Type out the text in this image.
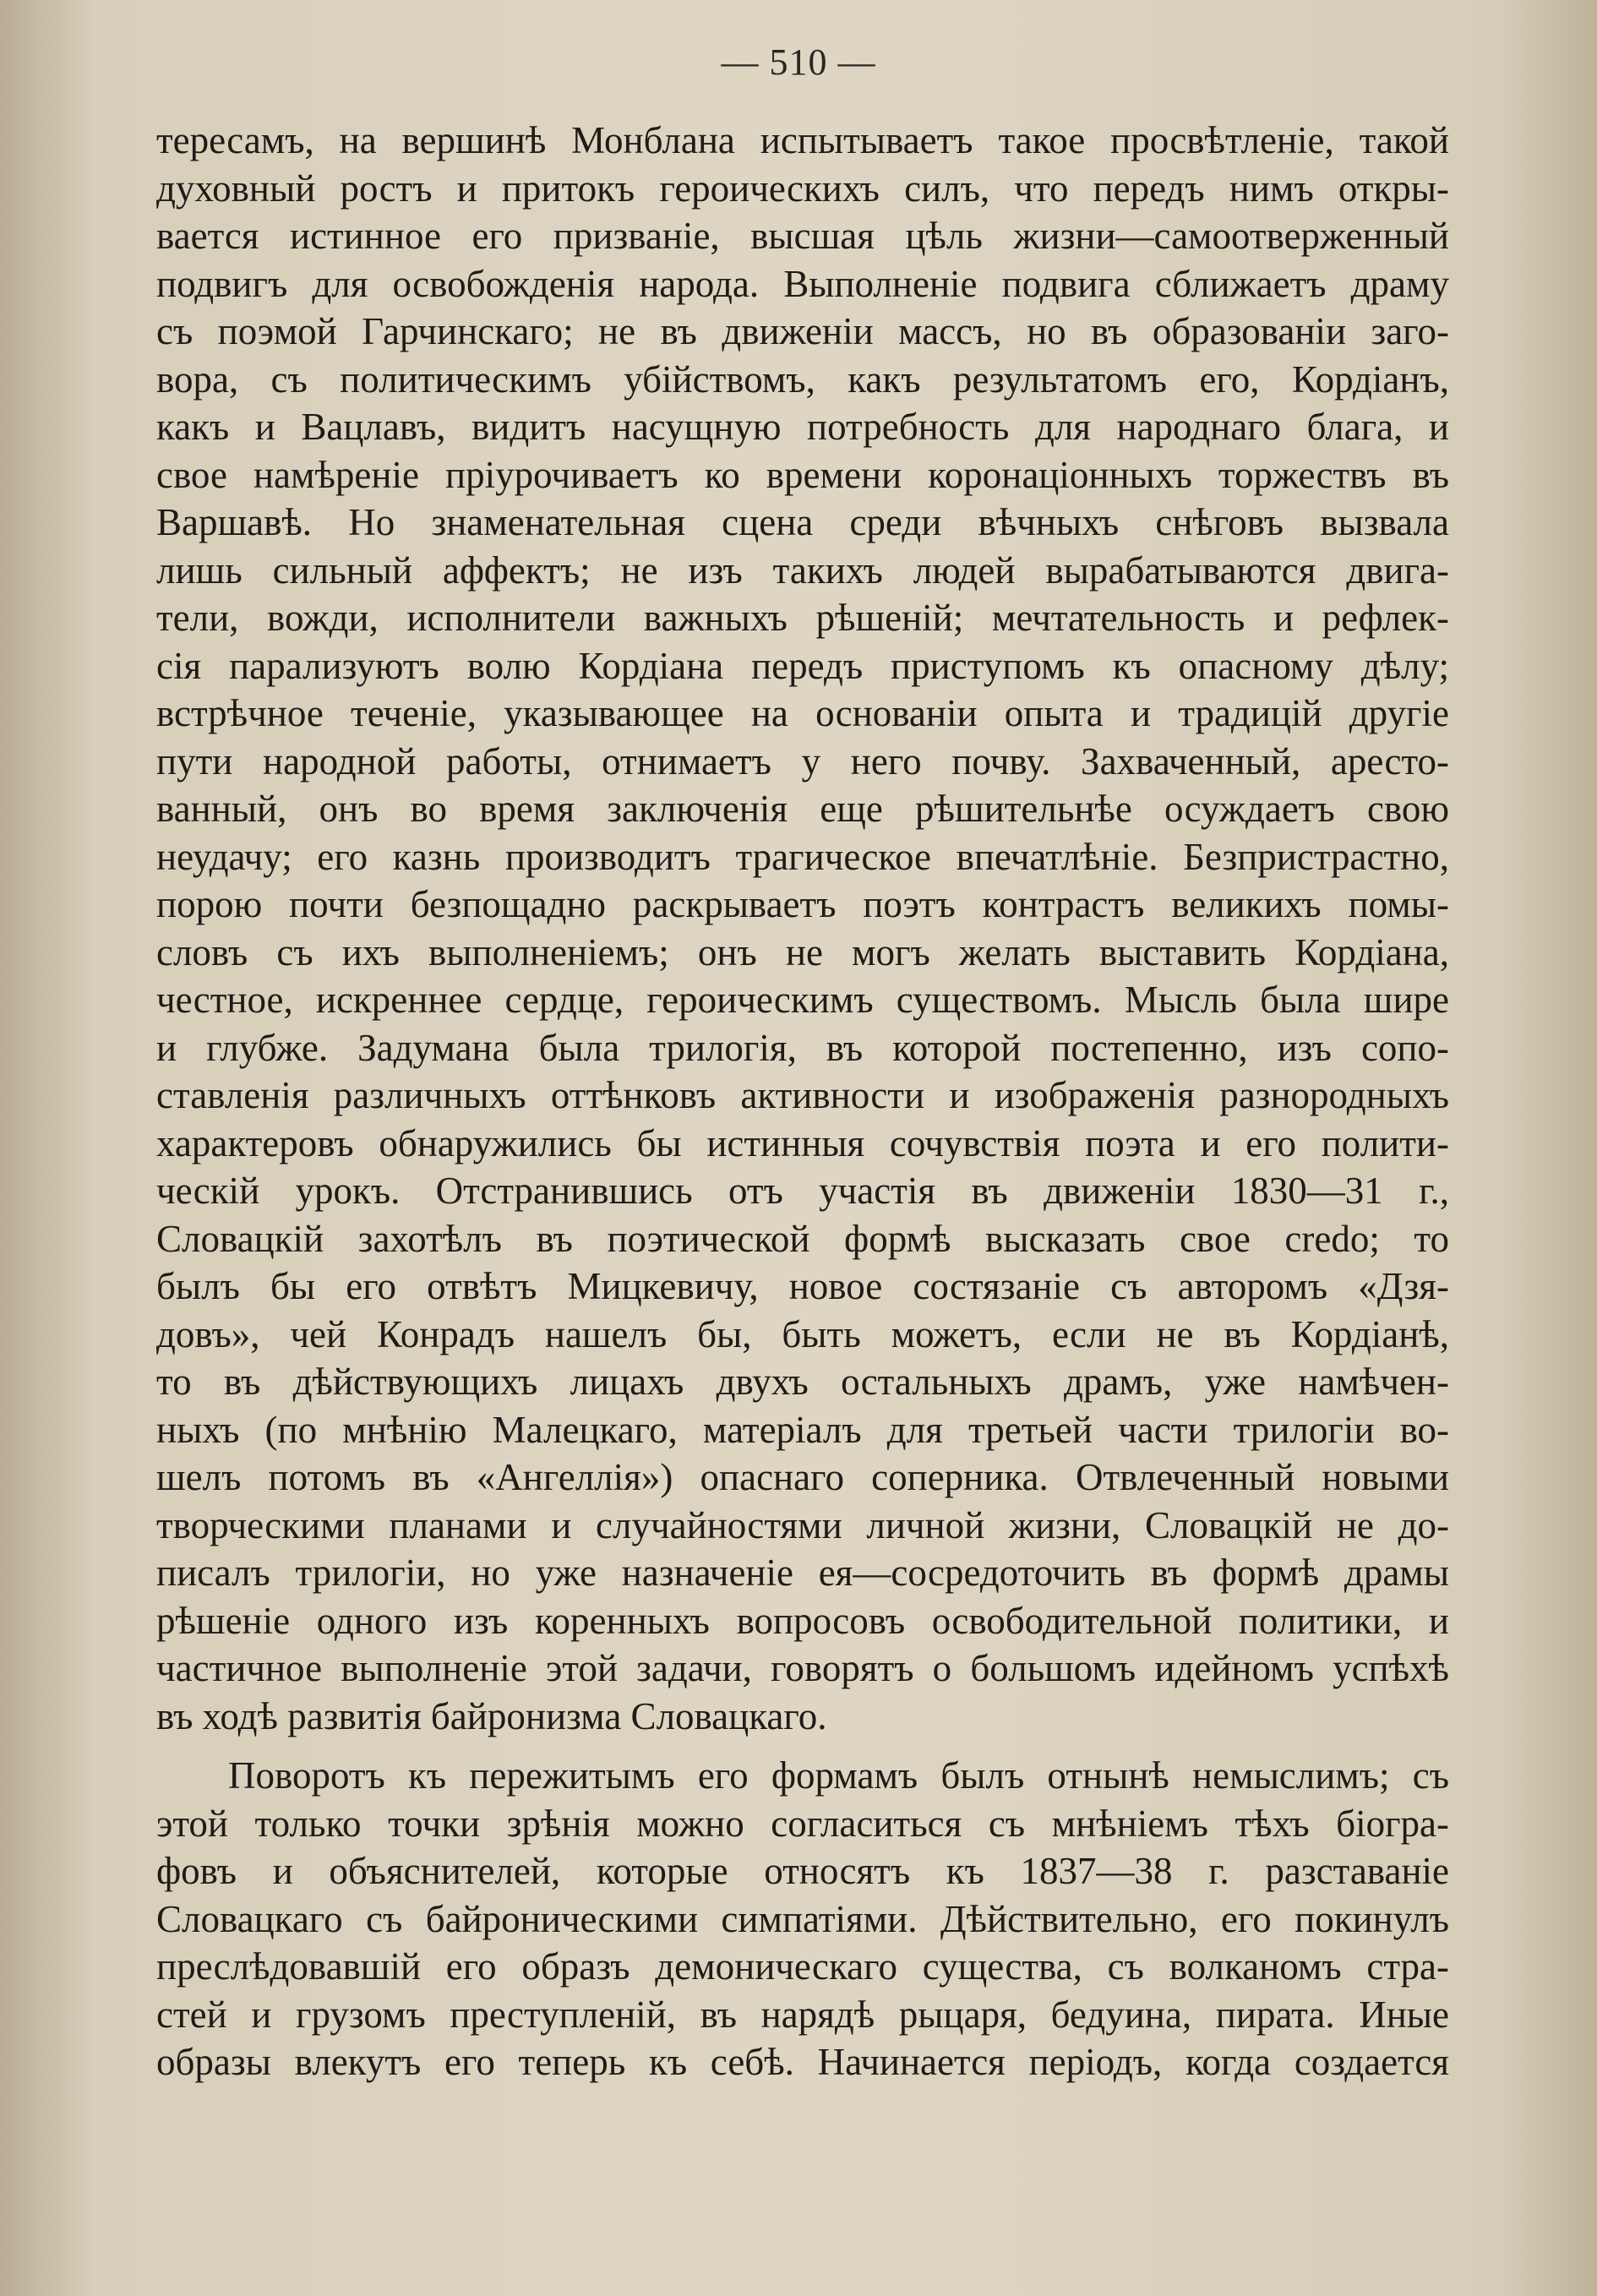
— 510 —
тересамъ, на вершинѣ Монблана испытываетъ такое просвѣтленіе, такой
духовный ростъ и притокъ героическихъ силъ, что передъ нимъ откры-
вается истинное его призваніе, высшая цѣль жизни—самоотверженный
подвигъ для освобожденія народа. Выполненіе подвига сближаетъ драму
съ поэмой Гарчинскаго; не въ движеніи массъ, но въ образованіи заго-
вора, съ политическимъ убійствомъ, какъ результатомъ его, Кордіанъ,
какъ и Вацлавъ, видитъ насущную потребность для народнаго блага, и
свое намѣреніе пріурочиваетъ ко времени коронаціонныхъ торжествъ въ
Варшавѣ. Но знаменательная сцена среди вѣчныхъ снѣговъ вызвала
лишь сильный аффектъ; не изъ такихъ людей вырабатываются двига-
тели, вожди, исполнители важныхъ рѣшеній; мечтательность и рефлек-
сія парализуютъ волю Кордіана передъ приступомъ къ опасному дѣлу;
встрѣчное теченіе, указывающее на основаніи опыта и традицій другіе
пути народной работы, отнимаетъ у него почву. Захваченный, аресто-
ванный, онъ во время заключенія еще рѣшительнѣе осуждаетъ свою
неудачу; его казнь производитъ трагическое впечатлѣніе. Безпристрастно,
порою почти безпощадно раскрываетъ поэтъ контрастъ великихъ помы-
словъ съ ихъ выполненіемъ; онъ не могъ желать выставить Кордіана,
честное, искреннее сердце, героическимъ существомъ. Мысль была шире
и глубже. Задумана была трилогія, въ которой постепенно, изъ сопо-
ставленія различныхъ оттѣнковъ активности и изображенія разнородныхъ
характеровъ обнаружились бы истинныя сочувствія поэта и его полити-
ческій урокъ. Отстранившись отъ участія въ движеніи 1830—31 г.,
Словацкій захотѣлъ въ поэтической формѣ высказать свое credo; то
былъ бы его отвѣтъ Мицкевичу, новое состязаніе съ авторомъ «Дзя-
довъ», чей Конрадъ нашелъ бы, быть можетъ, если не въ Кордіанѣ,
то въ дѣйствующихъ лицахъ двухъ остальныхъ драмъ, уже намѣчен-
ныхъ (по мнѣнію Малецкаго, матеріалъ для третьей части трилогіи во-
шелъ потомъ въ «Ангеллія») опаснаго соперника. Отвлеченный новыми
творческими планами и случайностями личной жизни, Словацкій не до-
писалъ трилогіи, но уже назначеніе ея—сосредоточить въ формѣ драмы
рѣшеніе одного изъ коренныхъ вопросовъ освободительной политики, и
частичное выполненіе этой задачи, говорятъ о большомъ идейномъ успѣхѣ
въ ходѣ развитія байронизма Словацкаго.
Поворотъ къ пережитымъ его формамъ былъ отнынѣ немыслимъ; съ
этой только точки зрѣнія можно согласиться съ мнѣніемъ тѣхъ біогра-
фовъ и объяснителей, которые относятъ къ 1837—38 г. разставаніе
Словацкаго съ байроническими симпатіями. Дѣйствительно, его покинулъ
преслѣдовавшій его образъ демоническаго существа, съ волканомъ стра-
стей и грузомъ преступленій, въ нарядѣ рыцаря, бедуина, пирата. Иные
образы влекутъ его теперь къ себѣ. Начинается періодъ, когда создается
